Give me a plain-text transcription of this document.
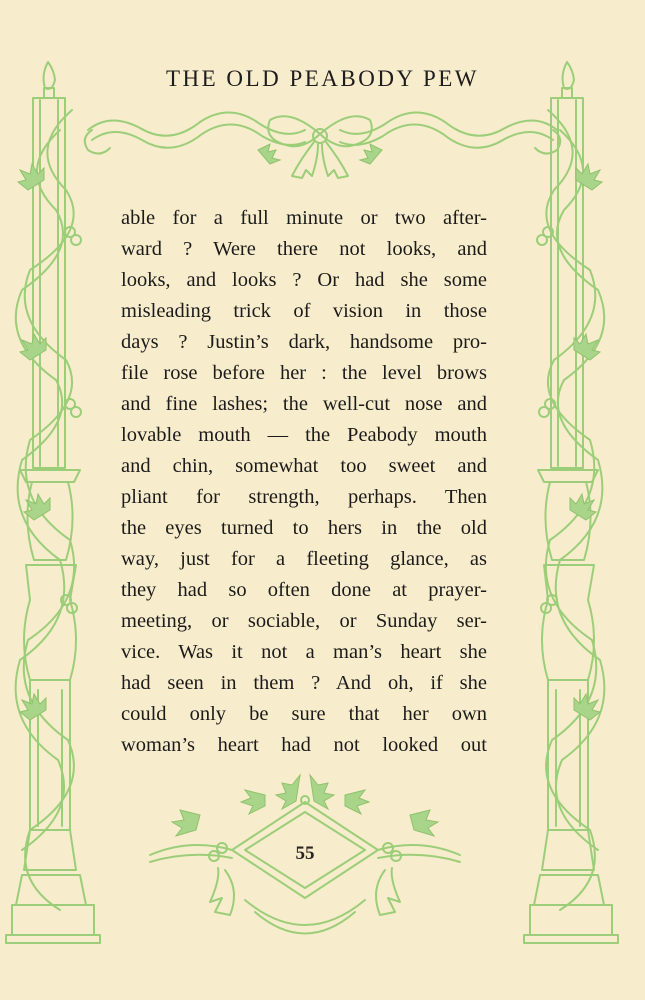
THE OLD PEABODY PEW
able for a full minute or two after-
ward ? Were there not looks, and
looks, and looks ? Or had she some
misleading trick of vision in those
days ? Justin’s dark, handsome pro-
file rose before her : the level brows
and fine lashes; the well-cut nose and
lovable mouth — the Peabody mouth
and chin, somewhat too sweet and
pliant for strength, perhaps. Then
the eyes turned to hers in the old
way, just for a fleeting glance, as
they had so often done at prayer-
meeting, or sociable, or Sunday ser-
vice. Was it not a man’s heart she
had seen in them ? And oh, if she
could only be sure that her own
woman’s heart had not looked out
55
